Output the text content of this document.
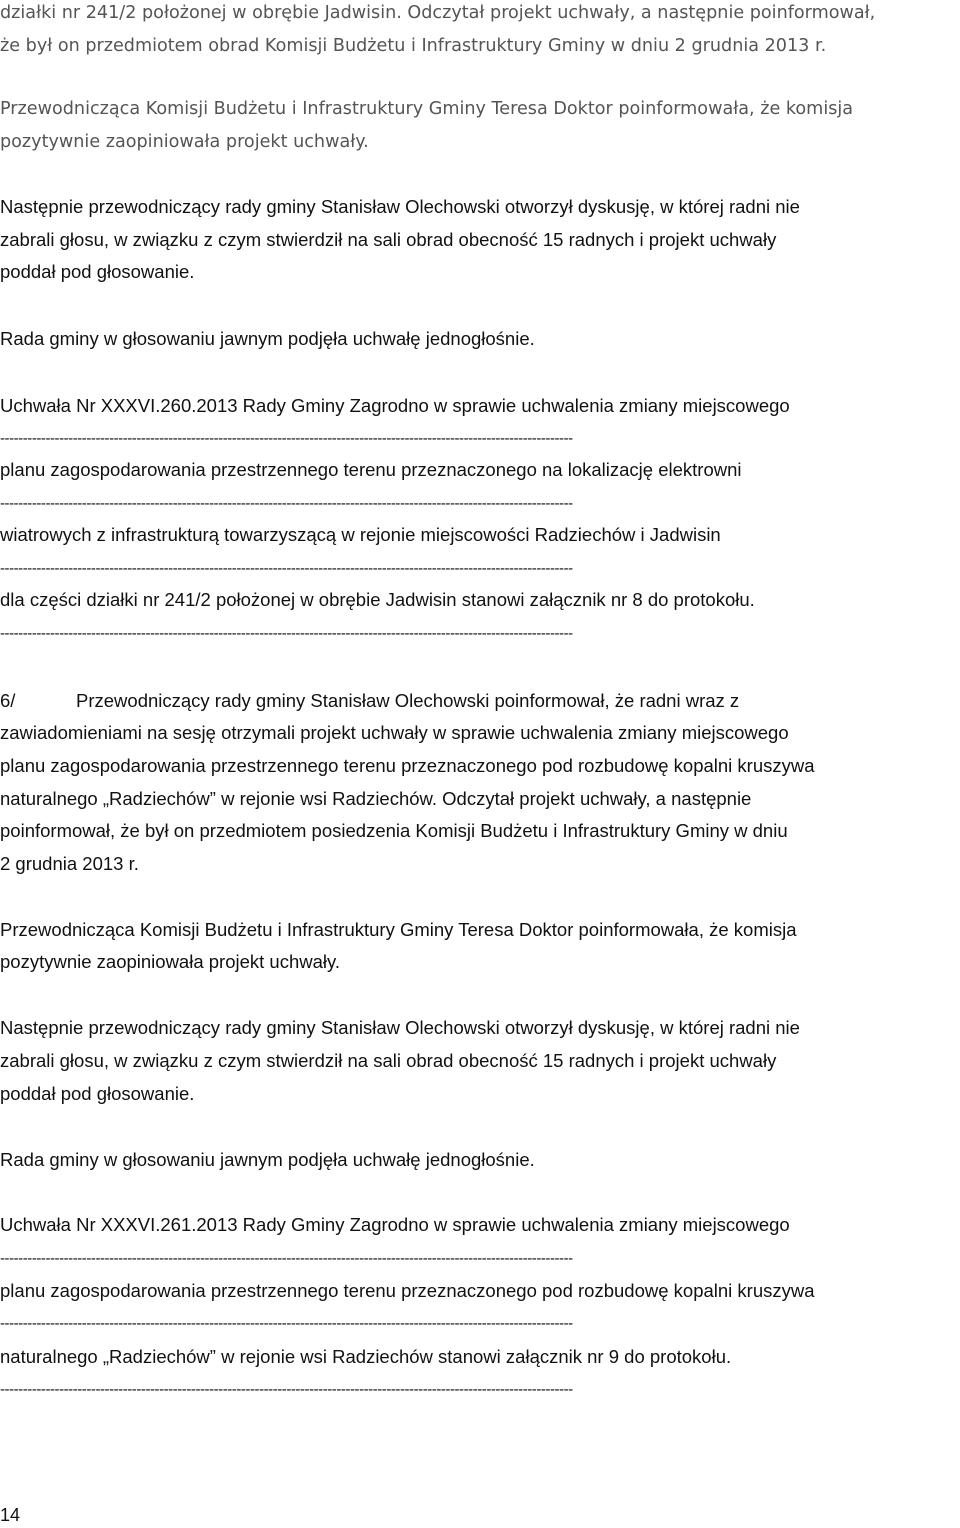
działki nr 241/2 położonej w obrębie Jadwisin. Odczytał projekt uchwały, a następnie poinformował,
że był on przedmiotem obrad Komisji Budżetu i Infrastruktury Gminy w dniu 2 grudnia 2013 r.
Przewodnicząca Komisji Budżetu i Infrastruktury Gminy Teresa Doktor poinformowała, że komisja
pozytywnie zaopiniowała projekt uchwały.
Następnie przewodniczący rady gminy Stanisław Olechowski otworzył dyskusję, w której radni nie
zabrali głosu, w związku z czym stwierdził na sali obrad obecność 15 radnych i projekt uchwały
poddał pod głosowanie.
Rada gminy w głosowaniu jawnym podjęła uchwałę jednogłośnie.
Uchwała Nr XXXVI.260.2013 Rady Gminy Zagrodno w sprawie uchwalenia zmiany miejscowego
------------------------------------------------------------------------------------------------------------------------------
planu zagospodarowania przestrzennego terenu przeznaczonego na lokalizację elektrowni
------------------------------------------------------------------------------------------------------------------------------
wiatrowych z infrastrukturą towarzyszącą w rejonie miejscowości Radziechów i Jadwisin
------------------------------------------------------------------------------------------------------------------------------
dla części działki nr 241/2 położonej w obrębie Jadwisin stanowi załącznik nr 8 do protokołu.
------------------------------------------------------------------------------------------------------------------------------
6/	Przewodniczący rady gminy Stanisław Olechowski poinformował, że radni wraz z
zawiadomieniami na sesję otrzymali projekt uchwały w sprawie uchwalenia zmiany miejscowego
planu zagospodarowania przestrzennego terenu przeznaczonego pod rozbudowę kopalni kruszywa
naturalnego „Radziechów” w rejonie wsi Radziechów. Odczytał projekt uchwały, a następnie
poinformował, że był on przedmiotem posiedzenia Komisji Budżetu i Infrastruktury Gminy w dniu
2 grudnia 2013 r.
Przewodnicząca Komisji Budżetu i Infrastruktury Gminy Teresa Doktor poinformowała, że komisja
pozytywnie zaopiniowała projekt uchwały.
Następnie przewodniczący rady gminy Stanisław Olechowski otworzył dyskusję, w której radni nie
zabrali głosu, w związku z czym stwierdził na sali obrad obecność 15 radnych i projekt uchwały
poddał pod głosowanie.
Rada gminy w głosowaniu jawnym podjęła uchwałę jednogłośnie.
Uchwała Nr XXXVI.261.2013 Rady Gminy Zagrodno w sprawie uchwalenia zmiany miejscowego
------------------------------------------------------------------------------------------------------------------------------
planu zagospodarowania przestrzennego terenu przeznaczonego pod rozbudowę kopalni kruszywa
------------------------------------------------------------------------------------------------------------------------------
naturalnego „Radziechów” w rejonie wsi Radziechów stanowi załącznik nr 9 do protokołu.
------------------------------------------------------------------------------------------------------------------------------
14
